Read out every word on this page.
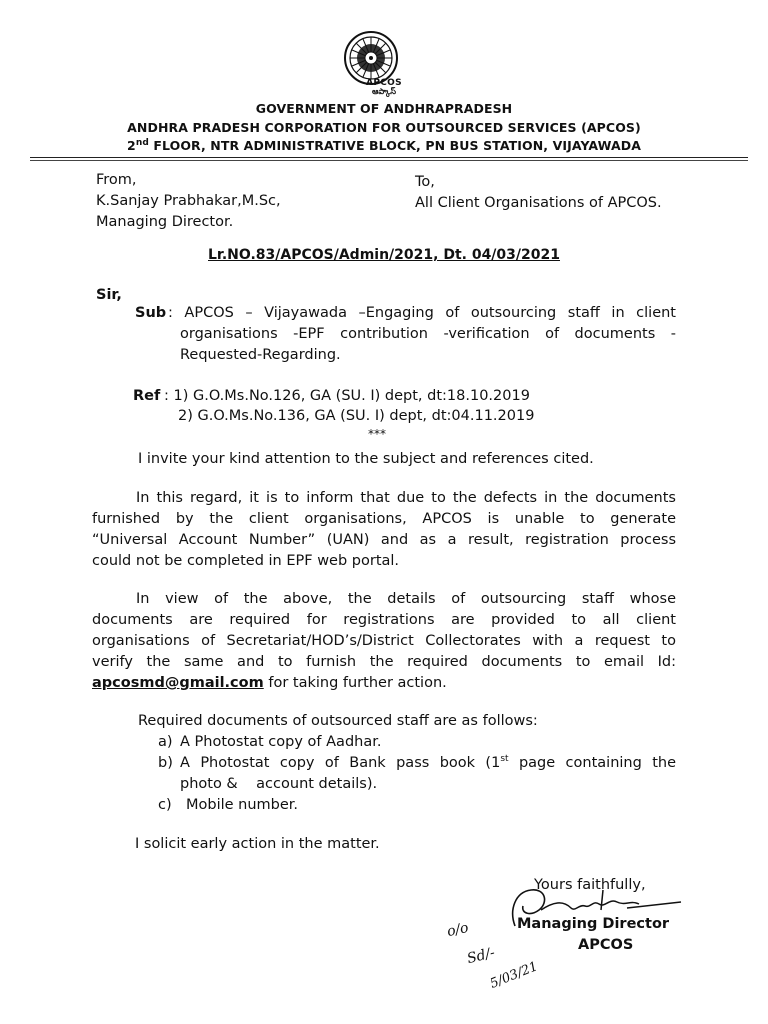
APCOS
ఆప్కాస్
GOVERNMENT OF ANDHRAPRADESH
ANDHRA PRADESH CORPORATION FOR OUTSOURCED SERVICES (APCOS)
2nd FLOOR, NTR ADMINISTRATIVE BLOCK, PN BUS STATION, VIJAYAWADA
From,
K.Sanjay Prabhakar,M.Sc,
Managing Director.
To,
All Client Organisations of APCOS.
Lr.NO.83/APCOS/Admin/2021, Dt. 04/03/2021
Sir,
Sub : APCOS – Vijayawada –Engaging of outsourcing staff in client
organisations -EPF contribution -verification of documents -
Requested-Regarding.
Ref : 1) G.O.Ms.No.126, GA (SU. I) dept, dt:18.10.2019
2) G.O.Ms.No.136, GA (SU. I) dept, dt:04.11.2019
***
I invite your kind attention to the subject and references cited.
In this regard, it is to inform that due to the defects in the documents
furnished by the client organisations, APCOS is unable to generate
“Universal Account Number” (UAN) and as a result, registration process
could not be completed in EPF web portal.
In view of the above, the details of outsourcing staff whose
documents are required for registrations are provided to all client
organisations of Secretariat/HOD’s/District Collectorates with a request to
verify the same and to furnish the required documents to email Id:
apcosmd@gmail.com for taking further action.
Required documents of outsourced staff are as follows:
a) A Photostat copy of Aadhar.
b) A Photostat copy of Bank pass book (1st page containing the
photo &    account details).
c) Mobile number.
I solicit early action in the matter.
Yours faithfully,
Managing Director
APCOS
o/o
Sd/-
5/03/21
